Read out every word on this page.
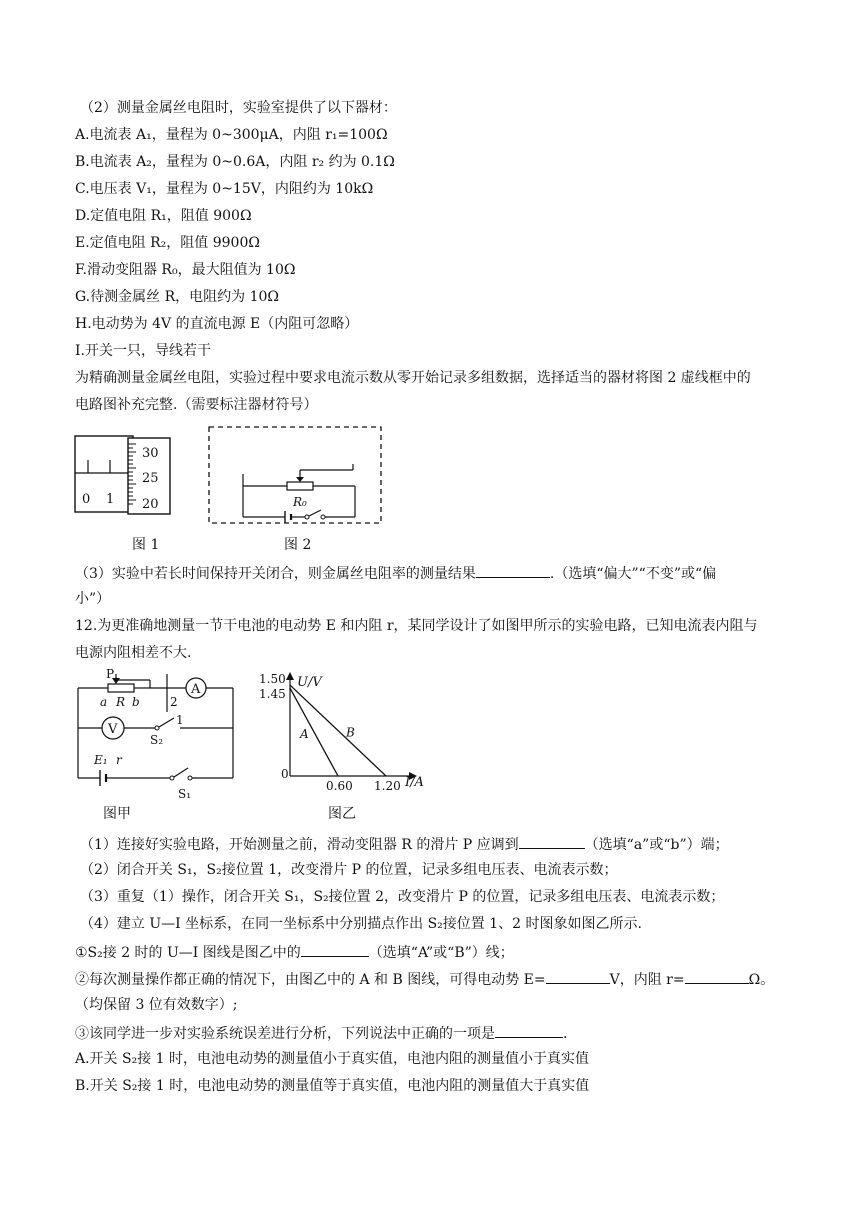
（2）测量金属丝电阻时，实验室提供了以下器材：
A.电流表 A₁，量程为 0~300μA，内阻 r₁=100Ω
B.电流表 A₂，量程为 0~0.6A，内阻 r₂ 约为 0.1Ω
C.电压表 V₁，量程为 0~15V，内阻约为 10kΩ
D.定值电阻 R₁，阻值 900Ω
E.定值电阻 R₂，阻值 9900Ω
F.滑动变阻器 R₀，最大阻值为 10Ω
G.待测金属丝 R，电阻约为 10Ω
H.电动势为 4V 的直流电源 E（内阻可忽略）
I.开关一只，导线若干
为精确测量金属丝电阻，实验过程中要求电流示数从零开始记录多组数据，选择适当的器材将图 2 虚线框中的
电路图补充完整.（需要标注器材符号）
0 1
30
25
20	R₀
图 1	图 2
（3）实验中若长时间保持开关闭合，则金属丝电阻率的测量结果	.（选填“偏大”“不变”或“偏
小”）
12.为更准确地测量一节干电池的电动势 E 和内阻 r，某同学设计了如图甲所示的实验电路，已知电流表内阻与
电源内阻相差不大.
A
P
a R b	2
V
1
S₂
E₁ r
S₁
U/V
I/A
0
A	B
1.50
1.45
0.60 1.20
图甲	图乙
（1）连接好实验电路，开始测量之前，滑动变阻器 R 的滑片 P 应调到	（选填“a”或“b”）端；
（2）闭合开关 S₁，S₂接位置 1，改变滑片 P 的位置，记录多组电压表、电流表示数；
（3）重复（1）操作，闭合开关 S₁，S₂接位置 2，改变滑片 P 的位置，记录多组电压表、电流表示数；
（4）建立 U—I 坐标系，在同一坐标系中分别描点作出 S₂接位置 1、2 时图象如图乙所示.
①S₂接 2 时的 U—I 图线是图乙中的	（选填“A”或“B”）线；
②每次测量操作都正确的情况下，由图乙中的 A 和 B 图线，可得电动势 E=	V，内阻 r=	Ω。
（均保留 3 位有效数字）;
③该同学进一步对实验系统误差进行分析，下列说法中正确的一项是	.
A.开关 S₂接 1 时，电池电动势的测量值小于真实值，电池内阻的测量值小于真实值
B.开关 S₂接 1 时，电池电动势的测量值等于真实值，电池内阻的测量值大于真实值
